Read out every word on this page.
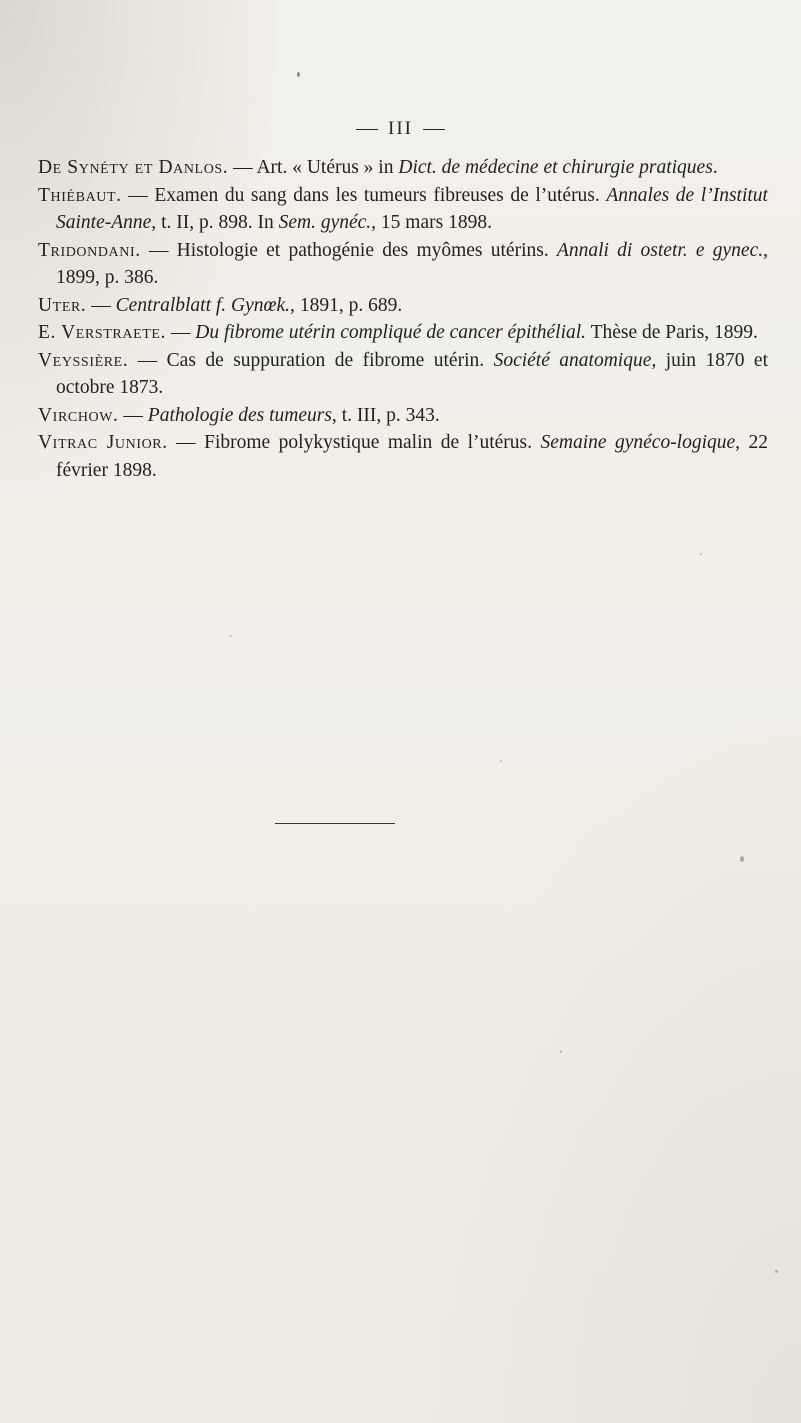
III

De Synéty et Danlos. — Art. « Utérus » in Dict. de médecine et chirurgie pratiques.

Thiébaut. — Examen du sang dans les tumeurs fibreuses de l’utérus. Annales de l’Institut Sainte-Anne, t. II, p. 898. In Sem. gynéc., 15 mars 1898.

Tridondani. — Histologie et pathogénie des myômes utérins. Annali di ostetr. e gynec., 1899, p. 386.

Uter. — Centralblatt f. Gynœk., 1891, p. 689.

E. Verstraete. — Du fibrome utérin compliqué de cancer épithélial. Thèse de Paris, 1899.

Veyssière. — Cas de suppuration de fibrome utérin. Société anatomique, juin 1870 et octobre 1873.

Virchow. — Pathologie des tumeurs, t. III, p. 343.

Vitrac Junior. — Fibrome polykystique malin de l’utérus. Semaine gynéco-logique, 22 février 1898.
